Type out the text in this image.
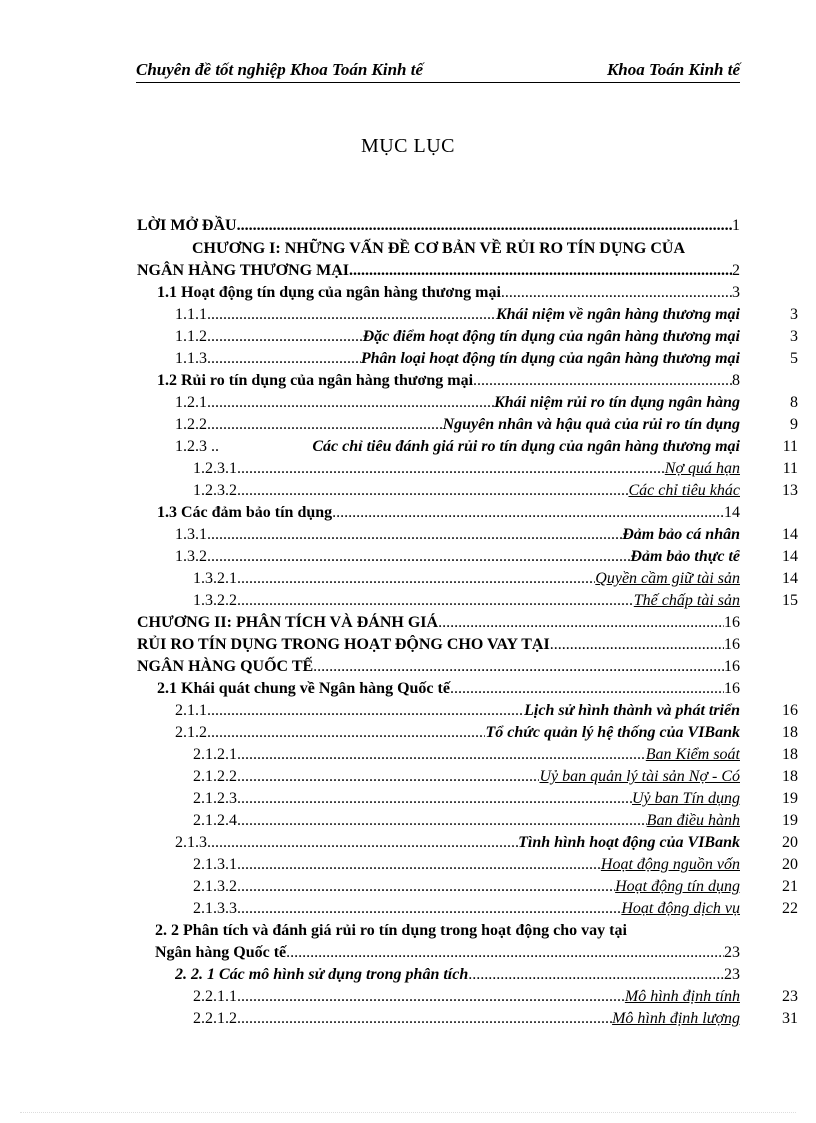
Chuyên đề tốt nghiệp Khoa Toán Kinh tế	Khoa Toán Kinh tế
MỤC LỤC
LỜI MỞ ĐẦU .....	1
CHƯƠNG I: NHỮNG VẤN ĐỀ CƠ BẢN VỀ RỦI RO TÍN DỤNG CỦA
NGÂN HÀNG THƯƠNG MẠI .....	2
1.1 Hoạt động tín dụng của ngân hàng thương mại .....	3
1.1.1 .....	Khái niệm về ngân hàng thương mại	3
1.1.2 .....	Đặc điểm hoạt động tín dụng của ngân hàng thương mại	3
1.1.3 .....	Phân loại hoạt động tín dụng của ngân hàng thương mại	5
1.2 Rủi ro tín dụng của ngân hàng thương mại .....	8
1.2.1 .....	Khái niệm rủi ro tín dụng ngân hàng	8
1.2.2 .....	Nguyên nhân và hậu quả của rủi ro tín dụng	9
1.2.3 ..	Các chỉ tiêu đánh giá rủi ro tín dụng của ngân hàng thương mại	11
1.2.3.1 .....	Nợ quá hạn	11
1.2.3.2 .....	Các chỉ tiêu khác	13
1.3 Các đảm bảo tín dụng .....	14
1.3.1 .....	Đảm bảo cá nhân	14
1.3.2 .....	Đảm bảo thực tế	14
1.3.2.1 .....	Quyền cầm giữ tài sản	14
1.3.2.2 .....	Thế chấp tài sản	15
CHƯƠNG II: PHÂN TÍCH VÀ ĐÁNH GIÁ .....	16
RỦI RO TÍN DỤNG TRONG HOẠT ĐỘNG CHO VAY TẠI .....	16
NGÂN HÀNG QUỐC TẾ .....	16
2.1 Khái quát chung về Ngân hàng Quốc tế .....	16
2.1.1 .....	Lịch sử hình thành và phát triển	16
2.1.2 .....	Tổ chức quản lý hệ thống của VIBank	18
2.1.2.1 .....	Ban Kiểm soát	18
2.1.2.2 .....	Uỷ ban quản lý tài sản Nợ - Có	18
2.1.2.3 .....	Uỷ ban Tín dụng	19
2.1.2.4 .....	Ban điều hành	19
2.1.3 .....	Tình hình hoạt động của VIBank	20
2.1.3.1 .....	Hoạt động nguồn vốn	20
2.1.3.2 .....	Hoạt động tín dụng	21
2.1.3.3 .....	Hoạt động dịch vụ	22
2. 2 Phân tích và đánh giá rủi ro tín dụng trong hoạt động cho vay tại
Ngân hàng Quốc tế .....	23
2. 2. 1 Các mô hình sử dụng trong phân tích .....	23
2.2.1.1 .....	Mô hình định tính	23
2.2.1.2 .....	Mô hình định lượng	31
